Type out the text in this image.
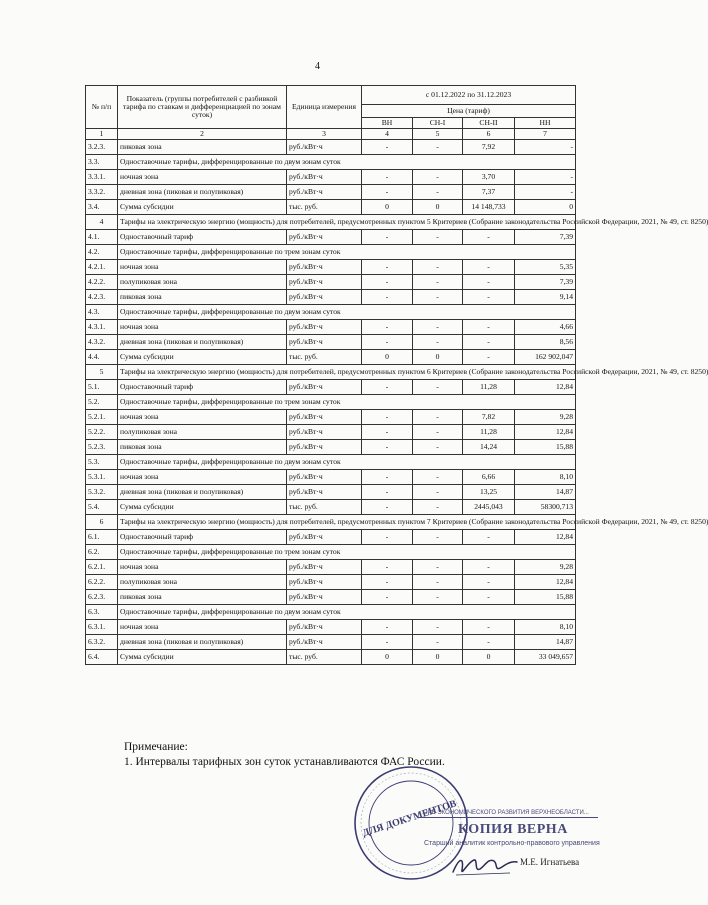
4
№ п/п	Показатель (группы потребителей с разбивкой тарифа по ставкам и дифференциацией по зонам суток)	Единица измерения	с 01.12.2022 по 31.12.2023			
			Цена (тариф)			
			ВН	СН-I	СН-II	НН
1	2	3	4	5	6	7
3.2.3.	пиковая зона	руб./кВт·ч	-	-	7,92	-
3.3.	Одноставочные тарифы, дифференцированные по двум зонам суток					
3.3.1.	ночная зона	руб./кВт·ч	-	-	3,70	-
3.3.2.	дневная зона (пиковая и полупиковая)	руб./кВт·ч	-	-	7,37	-
3.4.	Сумма субсидии	тыс. руб.	0	0	14 148,733	0
4	Тарифы на электрическую энергию (мощность) для потребителей, предусмотренных пунктом 5 Критериев (Собрание законодательства Российской Федерации, 2021, № 49, ст. 8250)					
4.1.	Одноставочный тариф	руб./кВт·ч	-	-	-	7,39
4.2.	Одноставочные тарифы, дифференцированные по трем зонам суток					
4.2.1.	ночная зона	руб./кВт·ч	-	-	-	5,35
4.2.2.	полупиковая зона	руб./кВт·ч	-	-	-	7,39
4.2.3.	пиковая зона	руб./кВт·ч	-	-	-	9,14
4.3.	Одноставочные тарифы, дифференцированные по двум зонам суток					
4.3.1.	ночная зона	руб./кВт·ч	-	-	-	4,66
4.3.2.	дневная зона (пиковая и полупиковая)	руб./кВт·ч	-	-	-	8,56
4.4.	Сумма субсидии	тыс. руб.	0	0	-	162 902,047
5	Тарифы на электрическую энергию (мощность) для потребителей, предусмотренных пунктом 6 Критериев (Собрание законодательства Российской Федерации, 2021, № 49, ст. 8250)					
5.1.	Одноставочный тариф	руб./кВт·ч	-	-	11,28	12,84
5.2.	Одноставочные тарифы, дифференцированные по трем зонам суток					
5.2.1.	ночная зона	руб./кВт·ч	-	-	7,82	9,28
5.2.2.	полупиковая зона	руб./кВт·ч	-	-	11,28	12,84
5.2.3.	пиковая зона	руб./кВт·ч	-	-	14,24	15,88
5.3.	Одноставочные тарифы, дифференцированные по двум зонам суток					
5.3.1.	ночная зона	руб./кВт·ч	-	-	6,66	8,10
5.3.2.	дневная зона (пиковая и полупиковая)	руб./кВт·ч	-	-	13,25	14,87
5.4.	Сумма субсидии	тыс. руб.	-	-	2445,043	58300,713
6	Тарифы на электрическую энергию (мощность) для потребителей, предусмотренных пунктом 7 Критериев (Собрание законодательства Российской Федерации, 2021, № 49, ст. 8250)					
6.1.	Одноставочный тариф	руб./кВт·ч	-	-	-	12,84
6.2.	Одноставочные тарифы, дифференцированные по трем зонам суток					
6.2.1.	ночная зона	руб./кВт·ч	-	-	-	9,28
6.2.2.	полупиковая зона	руб./кВт·ч	-	-	-	12,84
6.2.3.	пиковая зона	руб./кВт·ч	-	-	-	15,88
6.3.	Одноставочные тарифы, дифференцированные по двум зонам суток					
6.3.1.	ночная зона	руб./кВт·ч	-	-	-	8,10
6.3.2.	дневная зона (пиковая и полупиковая)	руб./кВт·ч	-	-	-	14,87
6.4.	Сумма субсидии	тыс. руб.	0	0	0	33 049,657
Примечание:
1. Интервалы тарифных зон суток устанавливаются ФАС России.
ДЛЯ ДОКУМЕНТОВ
...ОРЕ ЭКОНОМИЧЕСКОГО РАЗВИТИЯ ВЕРХНЕОБЛАСТИ...
КОПИЯ ВЕРНА
Старший аналитик контрольно-правового управления
М.Е. Игнатьева
